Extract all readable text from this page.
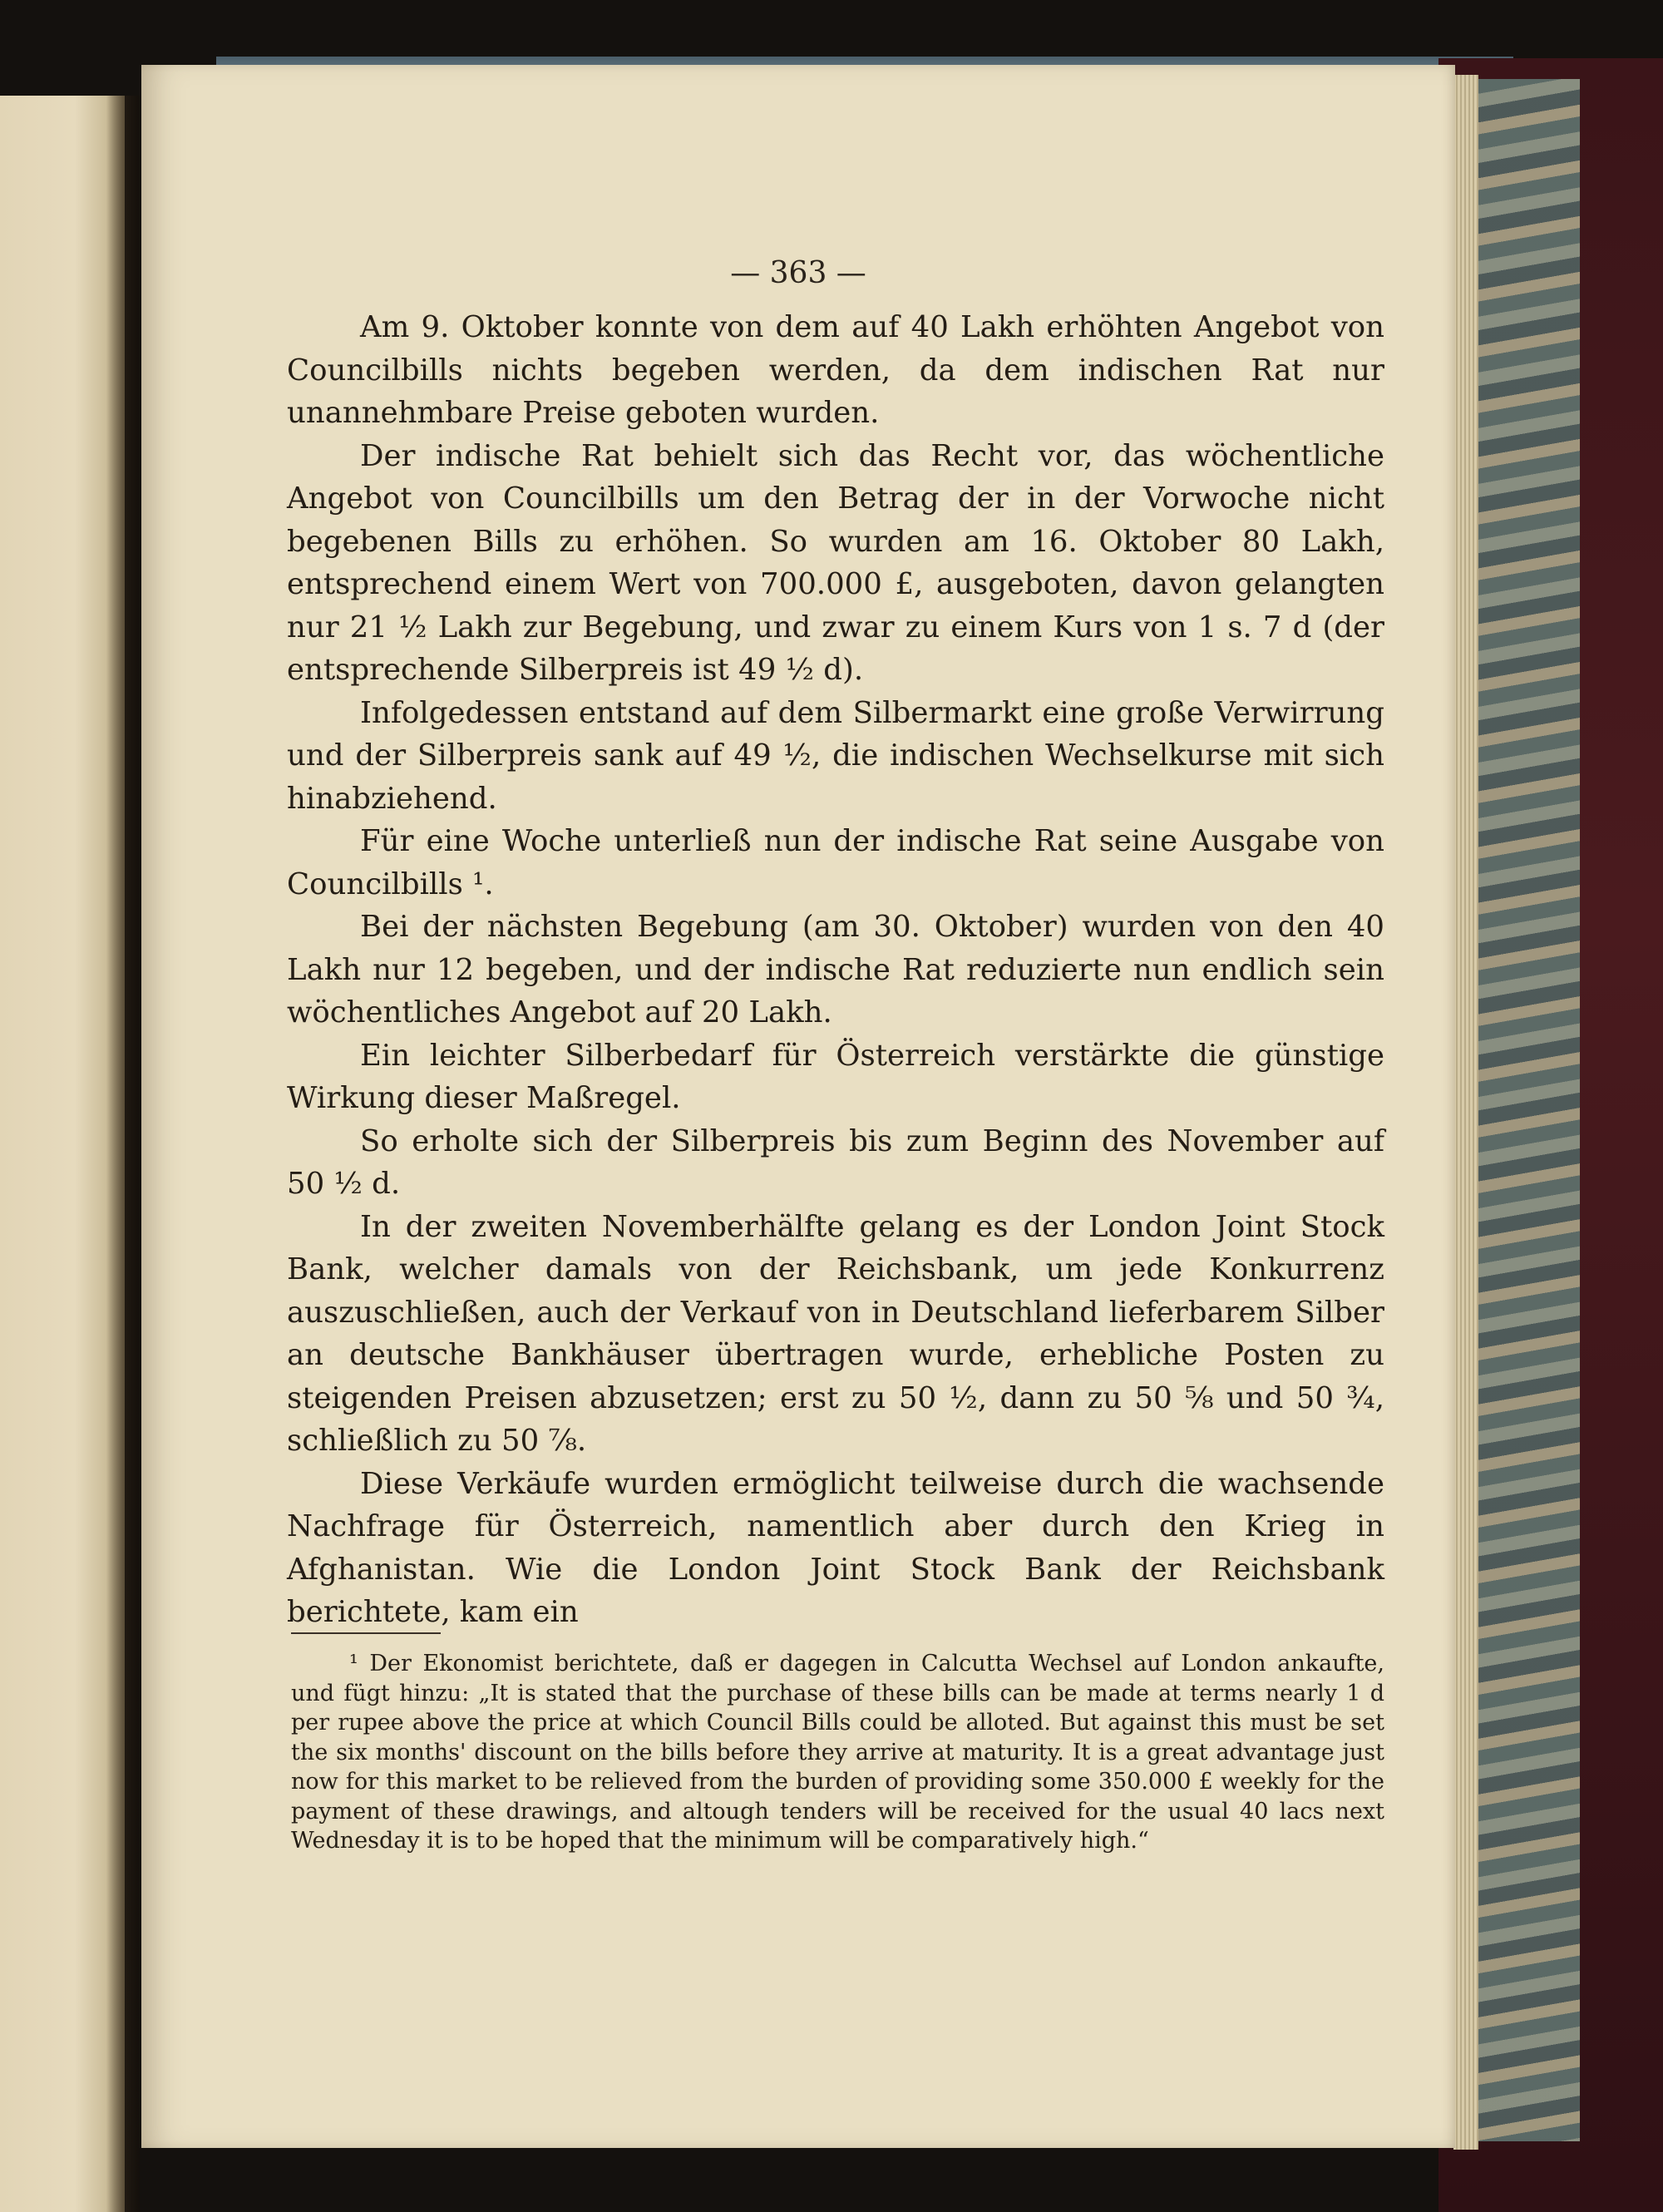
— 363 —

Am 9. Oktober konnte von dem auf 40 Lakh erhöhten Angebot von Councilbills nichts begeben werden, da dem indischen Rat nur unannehmbare Preise geboten wurden.

Der indische Rat behielt sich das Recht vor, das wöchentliche Angebot von Councilbills um den Betrag der in der Vorwoche nicht begebenen Bills zu erhöhen. So wurden am 16. Oktober 80 Lakh, entsprechend einem Wert von 700.000 £, ausgeboten, davon gelangten nur 21 ½ Lakh zur Begebung, und zwar zu einem Kurs von 1 s. 7 d (der entsprechende Silberpreis ist 49 ½ d).

Infolgedessen entstand auf dem Silbermarkt eine große Verwirrung und der Silberpreis sank auf 49 ½, die indischen Wechselkurse mit sich hinabziehend.

Für eine Woche unterließ nun der indische Rat seine Ausgabe von Councilbills ¹.

Bei der nächsten Begebung (am 30. Oktober) wurden von den 40 Lakh nur 12 begeben, und der indische Rat reduzierte nun endlich sein wöchentliches Angebot auf 20 Lakh.

Ein leichter Silberbedarf für Österreich verstärkte die günstige Wirkung dieser Maßregel.

So erholte sich der Silberpreis bis zum Beginn des November auf 50 ½ d.

In der zweiten Novemberhälfte gelang es der London Joint Stock Bank, welcher damals von der Reichsbank, um jede Konkurrenz auszuschließen, auch der Verkauf von in Deutschland lieferbarem Silber an deutsche Bankhäuser übertragen wurde, erhebliche Posten zu steigenden Preisen abzusetzen; erst zu 50 ½, dann zu 50 ⅝ und 50 ¾, schließlich zu 50 ⅞.

Diese Verkäufe wurden ermöglicht teilweise durch die wachsende Nachfrage für Österreich, namentlich aber durch den Krieg in Afghanistan. Wie die London Joint Stock Bank der Reichsbank berichtete, kam ein

¹ Der Ekonomist berichtete, daß er dagegen in Calcutta Wechsel auf London ankaufte, und fügt hinzu: „It is stated that the purchase of these bills can be made at terms nearly 1 d per rupee above the price at which Council Bills could be alloted. But against this must be set the six months' discount on the bills before they arrive at maturity. It is a great advantage just now for this market to be relieved from the burden of providing some 350.000 £ weekly for the payment of these drawings, and altough tenders will be received for the usual 40 lacs next Wednesday it is to be hoped that the minimum will be comparatively high.“
